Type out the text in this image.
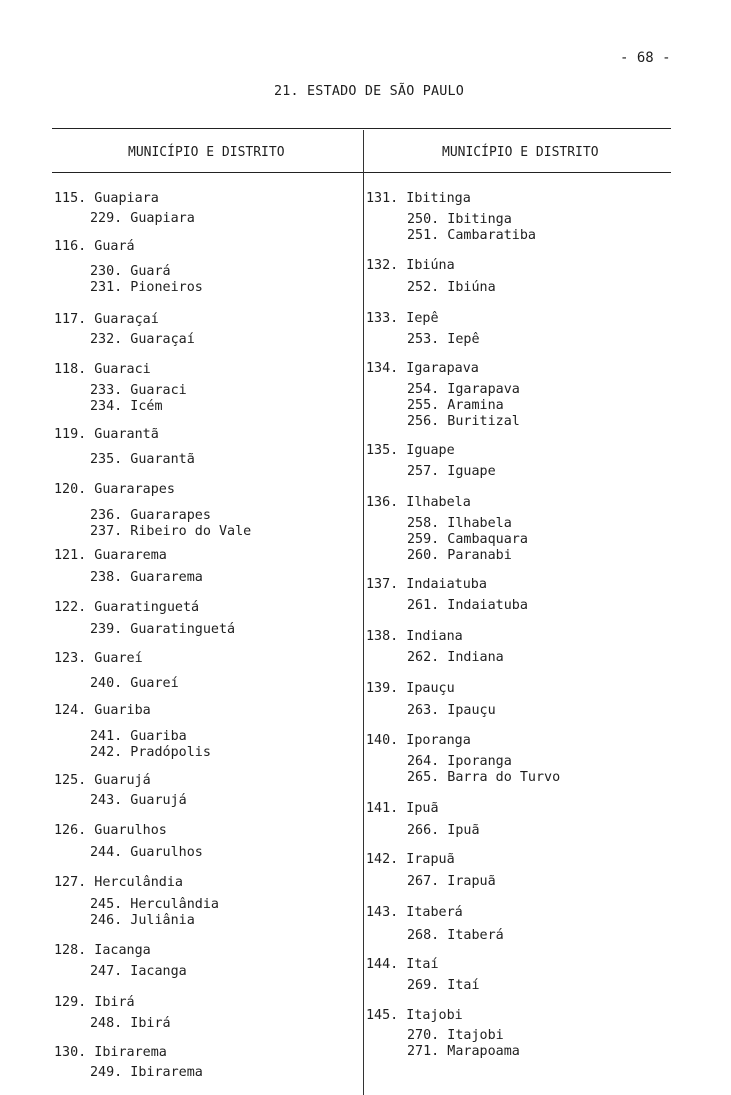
- 68 -
21. ESTADO DE SÃO PAULO
MUNICÍPIO E DISTRITO	MUNICÍPIO E DISTRITO
115. Guapiara
229. Guapiara
116. Guará
230. Guará
231. Pioneiros
117. Guaraçaí
232. Guaraçaí
118. Guaraci
233. Guaraci
234. Icém
119. Guarantã
235. Guarantã
120. Guararapes
236. Guararapes
237. Ribeiro do Vale
121. Guararema
238. Guararema
122. Guaratinguetá
239. Guaratinguetá
123. Guareí
240. Guareí
124. Guariba
241. Guariba
242. Pradópolis
125. Guarujá
243. Guarujá
126. Guarulhos
244. Guarulhos
127. Herculândia
245. Herculândia
246. Juliânia
128. Iacanga
247. Iacanga
129. Ibirá
248. Ibirá
130. Ibirarema
249. Ibirarema
131. Ibitinga
250. Ibitinga
251. Cambaratiba
132. Ibiúna
252. Ibiúna
133. Iepê
253. Iepê
134. Igarapava
254. Igarapava
255. Aramina
256. Buritizal
135. Iguape
257. Iguape
136. Ilhabela
258. Ilhabela
259. Cambaquara
260. Paranabi
137. Indaiatuba
261. Indaiatuba
138. Indiana
262. Indiana
139. Ipauçu
263. Ipauçu
140. Iporanga
264. Iporanga
265. Barra do Turvo
141. Ipuã
266. Ipuã
142. Irapuã
267. Irapuã
143. Itaberá
268. Itaberá
144. Itaí
269. Itaí
145. Itajobi
270. Itajobi
271. Marapoama
